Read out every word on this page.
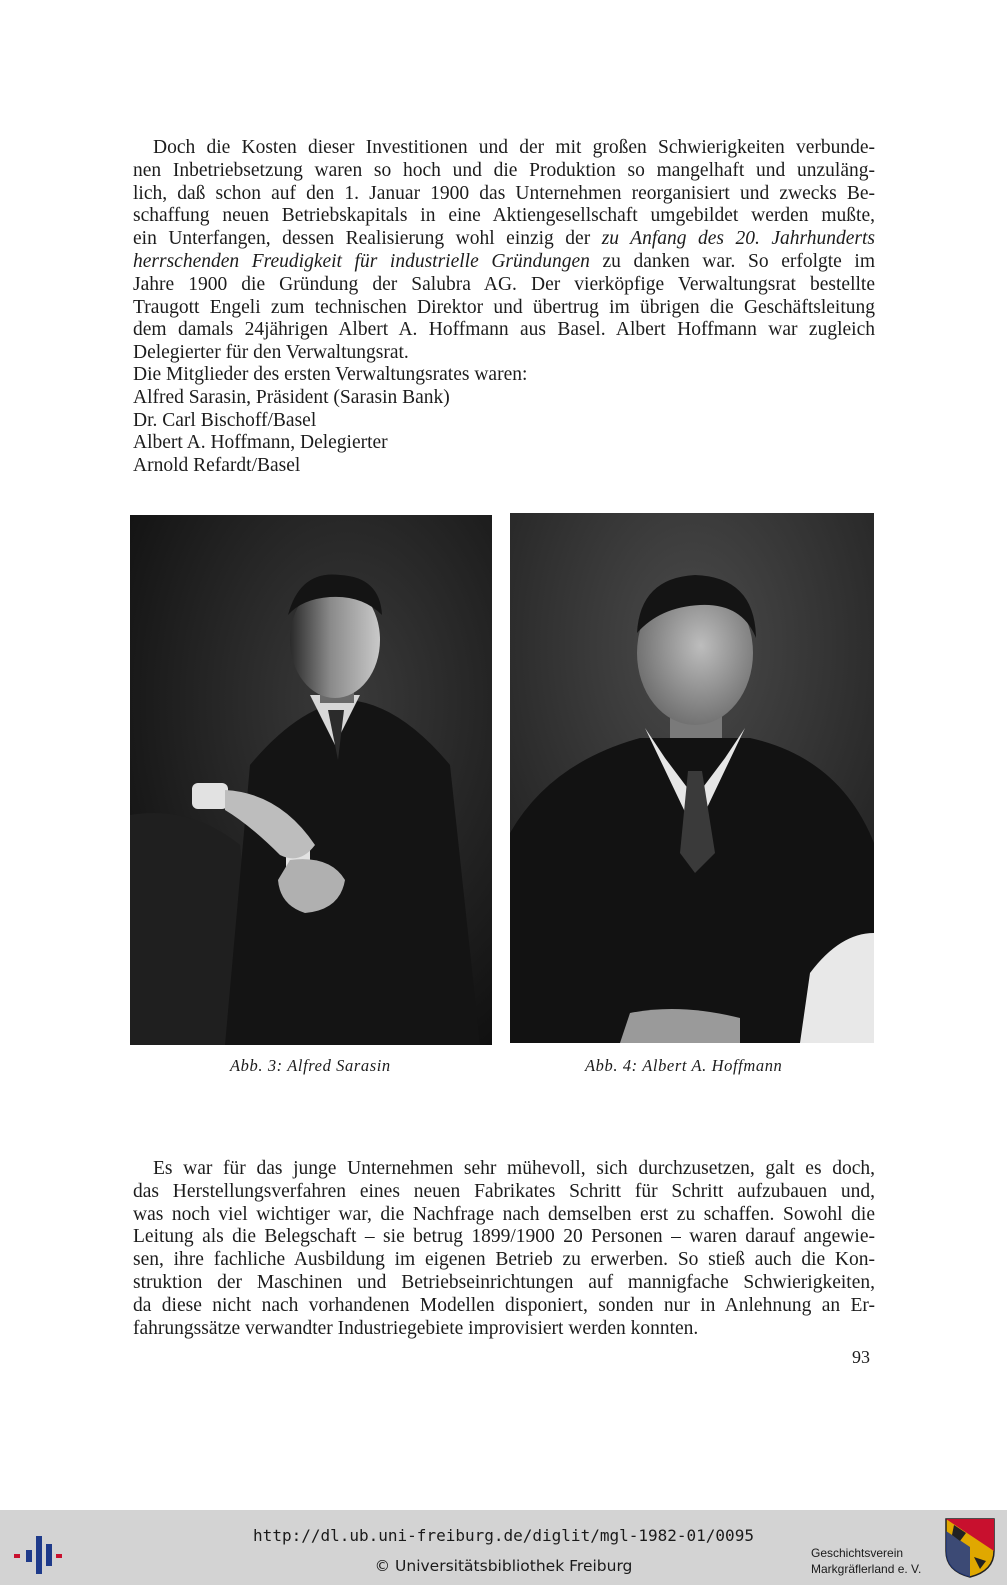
Doch die Kosten dieser Investitionen und der mit großen Schwierigkeiten verbunde-
nen Inbetriebsetzung waren so hoch und die Produktion so mangelhaft und unzuläng-
lich, daß schon auf den 1. Januar 1900 das Unternehmen reorganisiert und zwecks Be-
schaffung neuen Betriebskapitals in eine Aktiengesellschaft umgebildet werden mußte,
ein Unterfangen, dessen Realisierung wohl einzig der zu Anfang des 20. Jahrhunderts
herrschenden Freudigkeit für industrielle Gründungen zu danken war. So erfolgte im
Jahre 1900 die Gründung der Salubra AG. Der vierköpfige Verwaltungsrat bestellte
Traugott Engeli zum technischen Direktor und übertrug im übrigen die Geschäftsleitung
dem damals 24jährigen Albert A. Hoffmann aus Basel. Albert Hoffmann war zugleich
Delegierter für den Verwaltungsrat.
Die Mitglieder des ersten Verwaltungsrates waren:
Alfred Sarasin, Präsident (Sarasin Bank)
Dr. Carl Bischoff/Basel
Albert A. Hoffmann, Delegierter
Arnold Refardt/Basel
Abb. 3: Alfred Sarasin	Abb. 4: Albert A. Hoffmann
Es war für das junge Unternehmen sehr mühevoll, sich durchzusetzen, galt es doch,
das Herstellungsverfahren eines neuen Fabrikates Schritt für Schritt aufzubauen und,
was noch viel wichtiger war, die Nachfrage nach demselben erst zu schaffen. Sowohl die
Leitung als die Belegschaft – sie betrug 1899/1900 20 Personen – waren darauf angewie-
sen, ihre fachliche Ausbildung im eigenen Betrieb zu erwerben. So stieß auch die Kon-
struktion der Maschinen und Betriebseinrichtungen auf mannigfache Schwierigkeiten,
da diese nicht nach vorhandenen Modellen disponiert, sonden nur in Anlehnung an Er-
fahrungssätze verwandter Industriegebiete improvisiert werden konnten.
93
http://dl.ub.uni-freiburg.de/diglit/mgl-1982-01/0095
© Universitätsbibliothek Freiburg
Geschichtsverein
Markgräflerland e. V.
